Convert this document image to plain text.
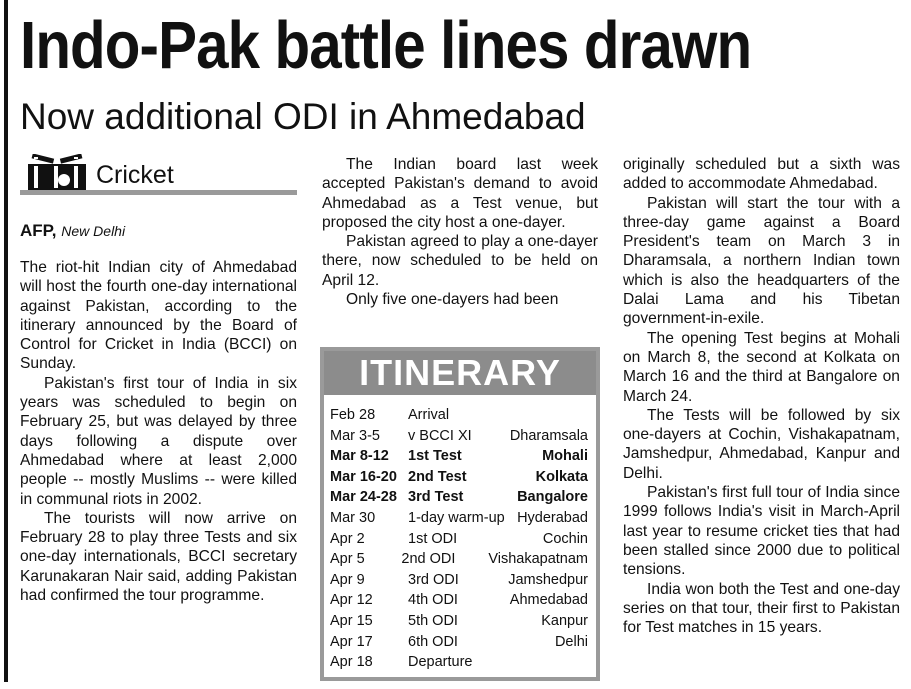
Indo-Pak battle lines drawn
Now additional ODI in Ahmedabad
Cricket
AFP, New Delhi

The riot-hit Indian city of Ahmedabad will host the fourth one-day international against Pakistan, according to the itinerary announced by the Board of Control for Cricket in India (BCCI) on Sunday.

Pakistan's first tour of India in six years was scheduled to begin on February 25, but was delayed by three days following a dispute over Ahmedabad where at least 2,000 people -- mostly Muslims -- were killed in communal riots in 2002.

The tourists will now arrive on February 28 to play three Tests and six one-day internationals, BCCI secretary Karunakaran Nair said, adding Pakistan had confirmed the tour programme.

The Indian board last week accepted Pakistan's demand to avoid Ahmedabad as a Test venue, but proposed the city host a one-dayer.

Pakistan agreed to play a one-dayer there, now scheduled to be held on April 12.

Only five one-dayers had been

originally scheduled but a sixth was added to accommodate Ahmedabad.

Pakistan will start the tour with a three-day game against a Board President's team on March 3 in Dharamsala, a northern Indian town which is also the headquarters of the Dalai Lama and his Tibetan government-in-exile.

The opening Test begins at Mohali on March 8, the second at Kolkata on March 16 and the third at Bangalore on March 24.

The Tests will be followed by six one-dayers at Cochin, Vishakapatnam, Jamshedpur, Ahmedabad, Kanpur and Delhi.

Pakistan's first full tour of India since 1999 follows India's visit in March-April last year to resume cricket ties that had been stalled since 2000 due to political tensions.

India won both the Test and one-day series on that tour, their first to Pakistan for Test matches in 15 years.

ITINERARY
Feb 28	Arrival
Mar 3-5	v BCCI XI	Dharamsala
Mar 8-12	1st Test	Mohali
Mar 16-20 2nd Test	Kolkata
Mar 24-28 3rd Test	Bangalore
Mar 30	1-day warm-up Hyderabad
Apr 2	1st ODI	Cochin
Apr 5	2nd ODI	Vishakapatnam
Apr 9	3rd ODI	Jamshedpur
Apr 12	4th ODI	Ahmedabad
Apr 15	5th ODI	Kanpur
Apr 17	6th ODI	Delhi
Apr 18	Departure
